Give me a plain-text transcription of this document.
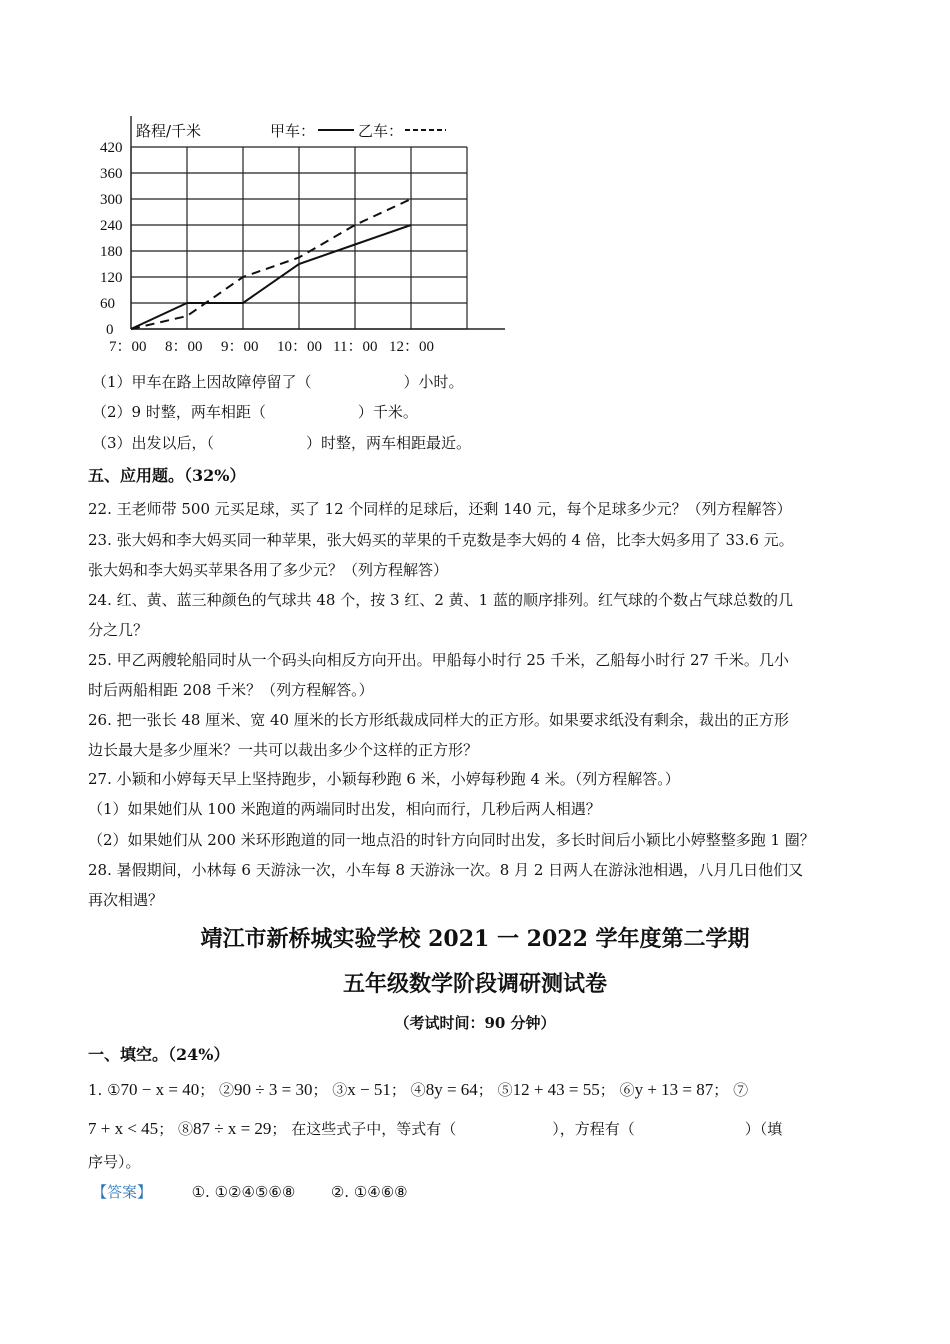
路程/千米	甲车：	乙车：
0
60
120
180
240
300
360
420
7：00 8：00 9：00 10：00 11：00 12：00
（1）甲车在路上因故障停留了（	）小时。
（2）9 时整，两车相距（	）千米。
（3）出发以后，（	）时整，两车相距最近。
五、应用题。（32%）
22. 王老师带 500 元买足球，买了 12 个同样的足球后，还剩 140 元，每个足球多少元？（列方程解答）
23. 张大妈和李大妈买同一种苹果，张大妈买的苹果的千克数是李大妈的 4 倍，比李大妈多用了 33.6 元。
张大妈和李大妈买苹果各用了多少元？（列方程解答）
24. 红、黄、蓝三种颜色的气球共 48 个，按 3 红、2 黄、1 蓝的顺序排列。红气球的个数占气球总数的几
分之几？
25. 甲乙两艘轮船同时从一个码头向相反方向开出。甲船每小时行 25 千米，乙船每小时行 27 千米。几小
时后两船相距 208 千米？（列方程解答。）
26. 把一张长 48 厘米、宽 40 厘米的长方形纸裁成同样大的正方形。如果要求纸没有剩余，裁出的正方形
边长最大是多少厘米？一共可以裁出多少个这样的正方形？
27. 小颖和小婷每天早上坚持跑步，小颖每秒跑 6 米，小婷每秒跑 4 米。（列方程解答。）
（1）如果她们从 100 米跑道的两端同时出发，相向而行，几秒后两人相遇？
（2）如果她们从 200 米环形跑道的同一地点沿的时针方向同时出发，多长时间后小颖比小婷整整多跑 1 圈？
28. 暑假期间，小林每 6 天游泳一次，小车每 8 天游泳一次。8 月 2 日两人在游泳池相遇，八月几日他们又
再次相遇？
靖江市新桥城实验学校 2021 一 2022 学年度第二学期
五年级数学阶段调研测试卷
（考试时间：90 分钟）
一、填空。（24%）
1. ①70 − x = 40； ②90 ÷ 3 = 30； ③x − 51； ④8y = 64； ⑤12 + 43 = 55； ⑥y + 13 = 87； ⑦
7 + x < 45； ⑧87 ÷ x = 29； 在这些式子中，等式有（	），方程有（	）（填
序号）。
【答案】	①. ①②④⑤⑥⑧ ②. ①④⑥⑧
